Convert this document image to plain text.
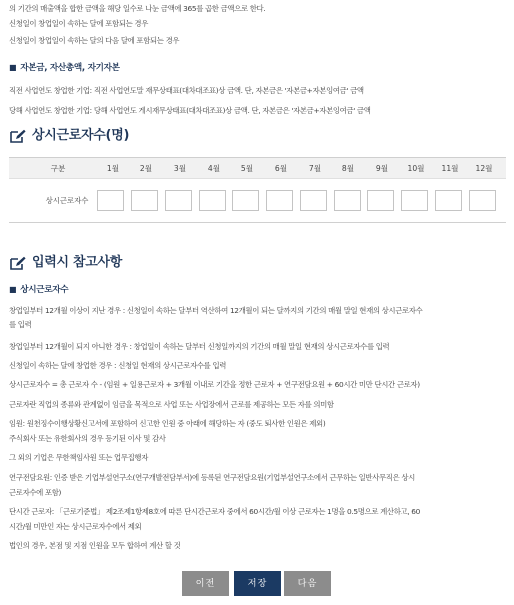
의 기간의 매출액을 합한 금액을 해당 일수로 나눈 금액에 365를 곱한 금액으로 한다.
신청일이 창업일이 속하는 달에 포함되는 경우
신청일이 창업일이 속하는 달의 다음 달에 포함되는 경우
■ 자본금, 자산총액, 자기자본
직전 사업연도 창업한 기업: 직전 사업연도말 재무상태표(대차대조표)상 금액. 단, 자본금은 '자본금+자본잉여금' 금액
당해 사업연도 창업한 기업: 당해 사업연도 게시재무상태표(대차대조표)상 금액. 단, 자본금은 '자본금+자본잉여금' 금액
상시근로자수(명)
구분	1월	2월	3월	4월	5월	6월	7월	8월	9월	10월 11월 12월
상시근로자수
입력시 참고사항
■ 상시근로자수
창업일부터 12개월 이상이 지난 경우 : 신청일이 속하는 달부터 역산하여 12개월이 되는 달까지의 기간의 매월 말일 현재의 상시근로자수
를 입력
창업일부터 12개월이 되지 아니한 경우 : 창업일이 속하는 달부터 신청일까지의 기간의 매월 말일 현재의 상시근로자수를 입력
신청일이 속하는 달에 창업한 경우 : 신청일 현재의 상시근로자수를 입력
상시근로자수 = 총 근로자 수 - (임원 + 일용근로자 + 3개월 이내로 기간을 정한 근로자 + 연구전담요원 + 60시간 미만 단시간 근로자)
근로자란 직업의 종류와 관계없이 임금을 목적으로 사업 또는 사업장에서 근로를 제공하는 모든 자를 의미함
임원: 원천징수이행상황신고서에 포함하여 신고한 인원 중 아래에 해당하는 자 (중도 퇴사한 인원은 제외)
주식회사 또는 유한회사의 경우 등기된 이사 및 감사
그 외의 기업은 무한책임사원 또는 업무집행자
연구전담요원: 인증 받은 기업부설연구소(연구개발전담부서)에 등록된 연구전담요원(기업부설연구소에서 근무하는 일반사무직은 상시
근로자수에 포함)
단시간 근로자: 「근로기준법」 제2조제1항제8호에 따른 단시간근로자 중에서 60시간/월 이상 근로자는 1명을 0.5명으로 계산하고, 60
시간/월 미만인 자는 상시근로자수에서 제외
법인의 경우, 본점 및 지점 인원을 모두 합하여 계산 할 것
이전	저장	다음
